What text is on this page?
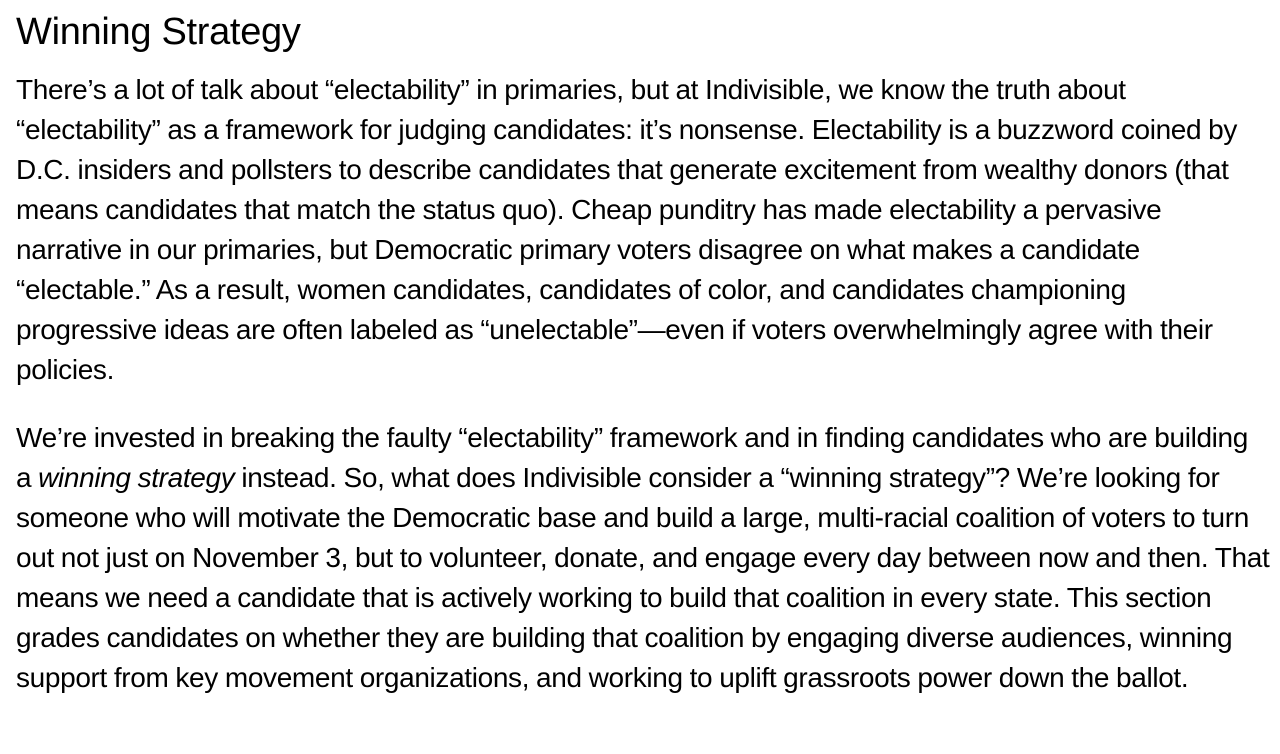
Winning Strategy

There’s a lot of talk about “electability” in primaries, but at Indivisible, we know the truth about “electability” as a framework for judging candidates: it’s nonsense. Electability is a buzzword coined by D.C. insiders and pollsters to describe candidates that generate excitement from wealthy donors (that means candidates that match the status quo). Cheap punditry has made electability a pervasive narrative in our primaries, but Democratic primary voters disagree on what makes a candidate “electable.” As a result, women candidates, candidates of color, and candidates championing progressive ideas are often labeled as “unelectable”—even if voters overwhelmingly agree with their policies.

We’re invested in breaking the faulty “electability” framework and in finding candidates who are building a winning strategy instead. So, what does Indivisible consider a “winning strategy”? We’re looking for someone who will motivate the Democratic base and build a large, multi-racial coalition of voters to turn out not just on November 3, but to volunteer, donate, and engage every day between now and then. That means we need a candidate that is actively working to build that coalition in every state. This section grades candidates on whether they are building that coalition by engaging diverse audiences, winning support from key movement organizations, and working to uplift grassroots power down the ballot.
